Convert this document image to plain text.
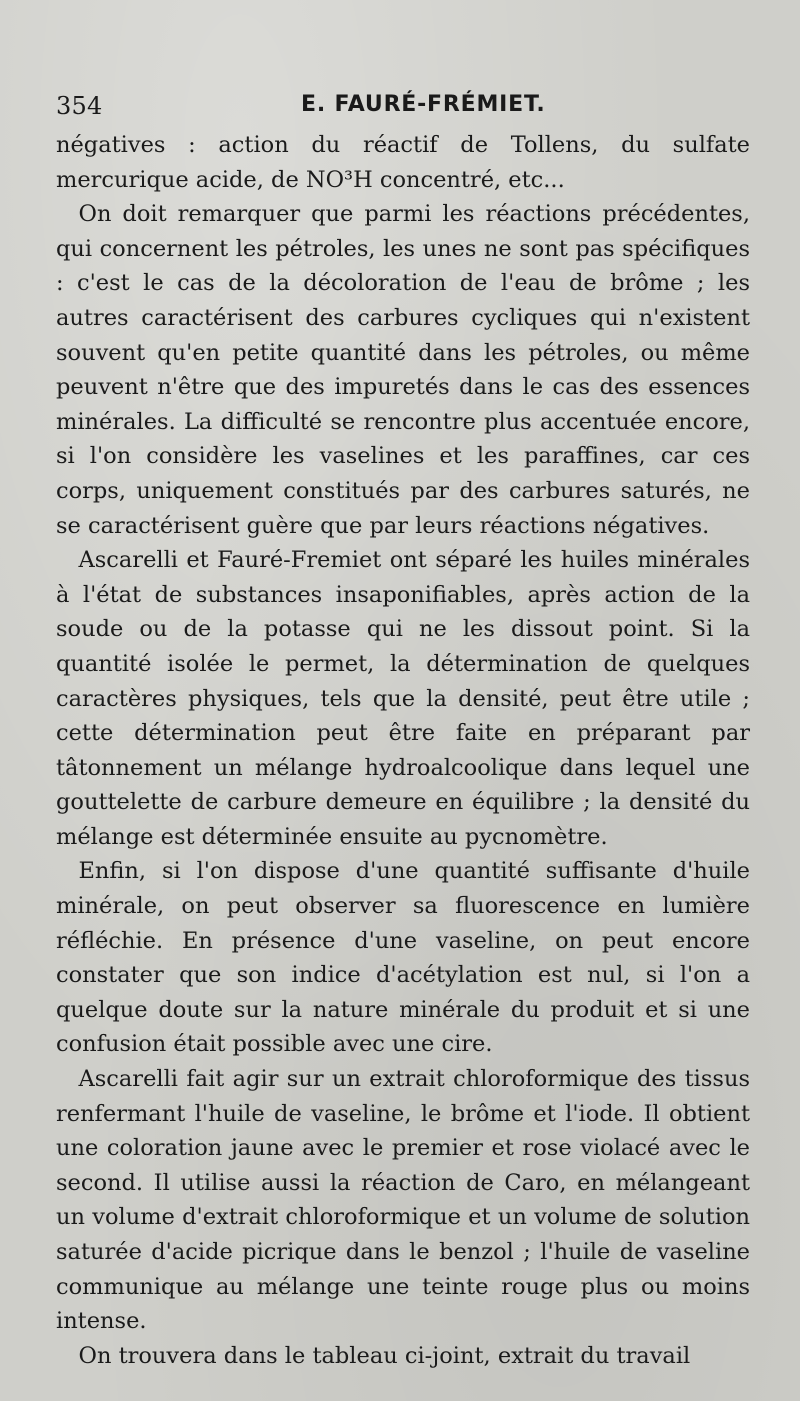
354	E. FAURÉ-FRÉMIET.

négatives : action du réactif de Tollens, du sulfate mercurique acide, de NO³H concentré, etc...

On doit remarquer que parmi les réactions précédentes, qui concernent les pétroles, les unes ne sont pas spécifiques : c'est le cas de la décoloration de l'eau de brôme ; les autres caractérisent des carbures cycliques qui n'existent souvent qu'en petite quantité dans les pétroles, ou même peuvent n'être que des impuretés dans le cas des essences minérales. La difficulté se rencontre plus accentuée encore, si l'on considère les vaselines et les paraffines, car ces corps, uniquement constitués par des carbures saturés, ne se caractérisent guère que par leurs réactions négatives.

Ascarelli et Fauré-Fremiet ont séparé les huiles minérales à l'état de substances insaponifiables, après action de la soude ou de la potasse qui ne les dissout point. Si la quantité isolée le permet, la détermination de quelques caractères physiques, tels que la densité, peut être utile ; cette détermination peut être faite en préparant par tâtonnement un mélange hydroalcoolique dans lequel une gouttelette de carbure demeure en équilibre ; la densité du mélange est déterminée ensuite au pycnomètre.

Enfin, si l'on dispose d'une quantité suffisante d'huile minérale, on peut observer sa fluorescence en lumière réfléchie. En présence d'une vaseline, on peut encore constater que son indice d'acétylation est nul, si l'on a quelque doute sur la nature minérale du produit et si une confusion était possible avec une cire.

Ascarelli fait agir sur un extrait chloroformique des tissus renfermant l'huile de vaseline, le brôme et l'iode. Il obtient une coloration jaune avec le premier et rose violacé avec le second. Il utilise aussi la réaction de Caro, en mélangeant un volume d'extrait chloroformique et un volume de solution saturée d'acide picrique dans le benzol ; l'huile de vaseline communique au mélange une teinte rouge plus ou moins intense.

On trouvera dans le tableau ci-joint, extrait du travail
